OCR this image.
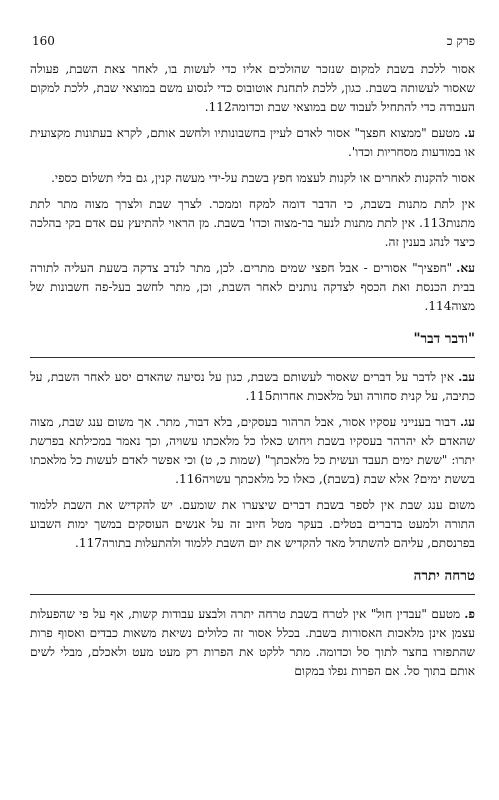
160	פרק כ

אסור ללכת בשבת למקום שנזכר שהולכים אליו כדי לעשות בו, לאחר צאת השבת, פעולה שאסור לעשותה בשבת. כגון, ללכת לתחנת אוטובוס כדי לנסוע משם במוצאי שבת, ללכת למקום העבודה כדי להתחיל לעבוד שם במוצאי שבת וכדומה112.

ע.מטעם "ממצוא חפצך" אסור לאדם לעיין בחשבונותיו ולחשב אותם, לקרא בעתונות מקצועית או במודעות מסחריות וכדו'.

אסור להקנות לאחרים או לקנות לעצמו חפץ בשבת על-ידי מעשה קנין, גם בלי תשלום כספי.

אין לתת מתנות בשבת, כי הדבר דומה למקח וממכר. לצרך שבת ולצרך מצוה מתר לתת מתנות113. אין לתת מתנות לנער בר-מצוה וכדו' בשבת. מן הראוי להתיעץ עם אדם בקי בהלכה כיצד לנהג בענין זה.

עא."חפציך" אסורים - אבל חפצי שמים מתרים. לכן, מתר לנדב צדקה בשעת העליה לתורה בבית הכנסת ואת הכסף לצדקה נותנים לאחר השבת, וכן, מתר לחשב בעל-פה חשבונות של מצוה114.

"ודבר דבר"

עב.אין לדבר על דברים שאסור לעשותם בשבת, כגון על נסיעה שהאדם יסע לאחר השבת, על כתיבה, על קנית סחורה ועל מלאכות אחרות115.

עג.דבור בענייני עסקיו אסור, אבל הרהור בעסקים, בלא דבור, מתר. אך משום ענג שבת, מצוה שהאדם לא יהרהר בעסקיו בשבת ויחוש כאלו כל מלאכתו עשויה, וכך נאמר במכילתא בפרשת יתרו: "ששת ימים תעבד ועשית כל מלאכתך" (שמות כ, ט) וכי אפשר לאדם לעשות כל מלאכתו בששת ימים? אלא שבת (בשבת), כאלו כל מלאכתך עשויה116.

משום ענג שבת אין לספר בשבת דברים שיצערו את שומעם. יש להקדיש את השבת ללמוד התורה ולמעט בדברים בטלים. בעקר מטל חיוב זה על אנשים העוסקים במשך ימות השבוע בפרנסתם, עליהם להשתדל מאד להקדיש את יום השבת ללמוד ולהתעלות בתורה117.

טרחה יתרה

פ.מטעם "עבדין חול" אין לטרח בשבת טרחה יתרה ולבצע עבודות קשות, אף על פי שהפעלות עצמן אינן מלאכות האסורות בשבת. בכלל אסור זה כלולים נשיאת משאות כבדים ואסוף פרות שהתפזרו בחצר לתוך סל וכדומה. מתר ללקט את הפרות רק מעט מעט ולאכלם, מבלי לשים אותם בתוך סל. אם הפרות נפלו במקום
